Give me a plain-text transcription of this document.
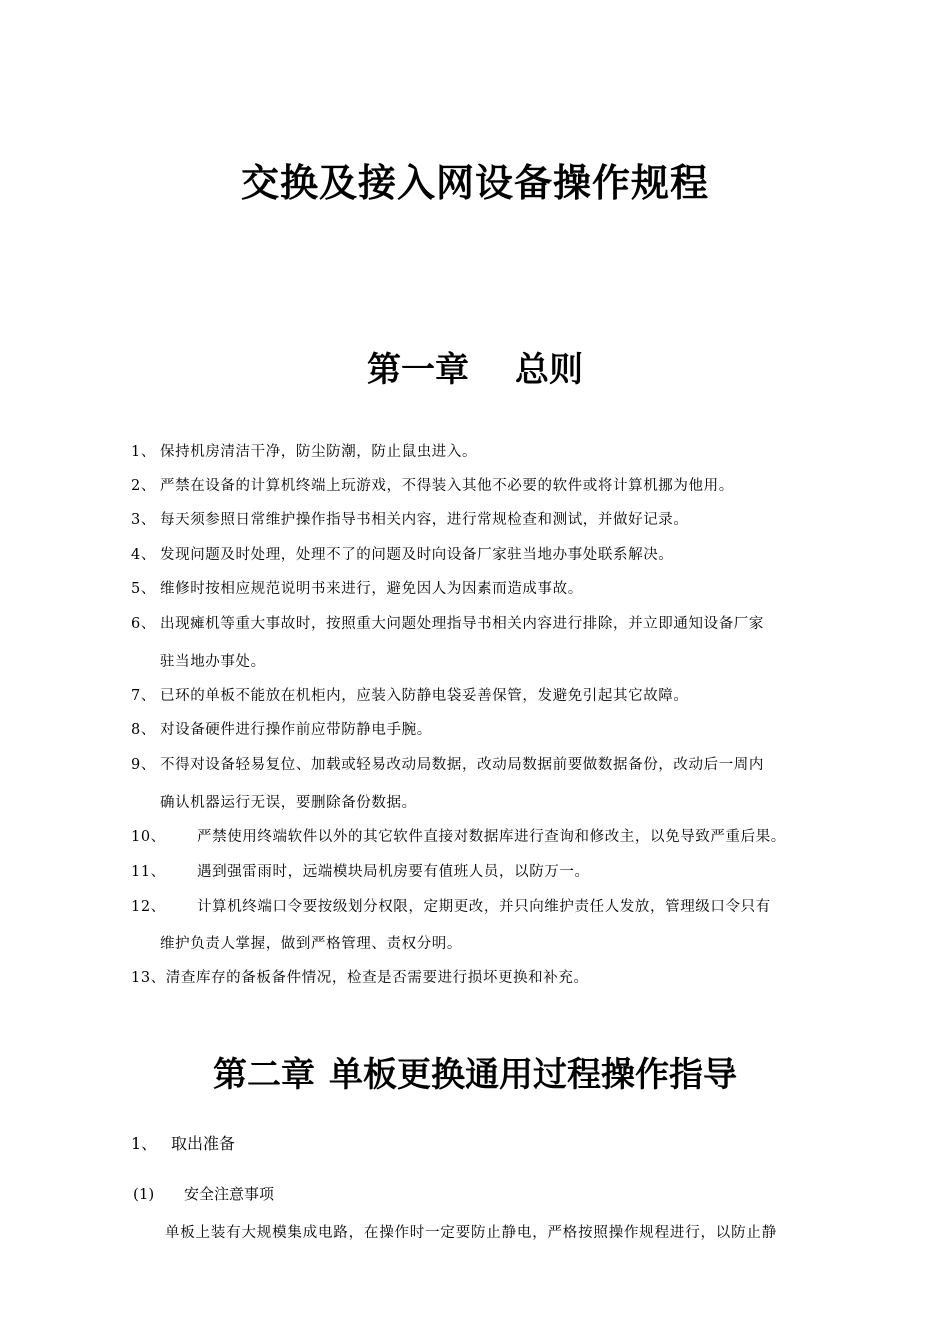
交换及接入网设备操作规程
第一章 总则
1、 保持机房清洁干净，防尘防潮，防止鼠虫进入。
2、 严禁在设备的计算机终端上玩游戏，不得装入其他不必要的软件或将计算机挪为他用。
3、 每天须参照日常维护操作指导书相关内容，进行常规检查和测试，并做好记录。
4、 发现问题及时处理，处理不了的问题及时向设备厂家驻当地办事处联系解决。
5、 维修时按相应规范说明书来进行，避免因人为因素而造成事故。
6、 出现瘫机等重大事故时，按照重大问题处理指导书相关内容进行排除，并立即通知设备厂家
驻当地办事处。
7、 已环的单板不能放在机柜内，应装入防静电袋妥善保管，发避免引起其它故障。
8、 对设备硬件进行操作前应带防静电手腕。
9、 不得对设备轻易复位、加载或轻易改动局数据，改动局数据前要做数据备份，改动后一周内
确认机器运行无误，要删除备份数据。
10、 严禁使用终端软件以外的其它软件直接对数据库进行查询和修改主，以免导致严重后果。
11、 遇到强雷雨时，远端模块局机房要有值班人员，以防万一。
12、 计算机终端口令要按级划分权限，定期更改，并只向维护责任人发放，管理级口令只有
维护负责人掌握，做到严格管理、责权分明。
13、清查库存的备板备件情况，检查是否需要进行损坏更换和补充。
第二章 单板更换通用过程操作指导
1、 取出准备
(1) 安全注意事项
单板上装有大规模集成电路，在操作时一定要防止静电，严格按照操作规程进行，以防止静
